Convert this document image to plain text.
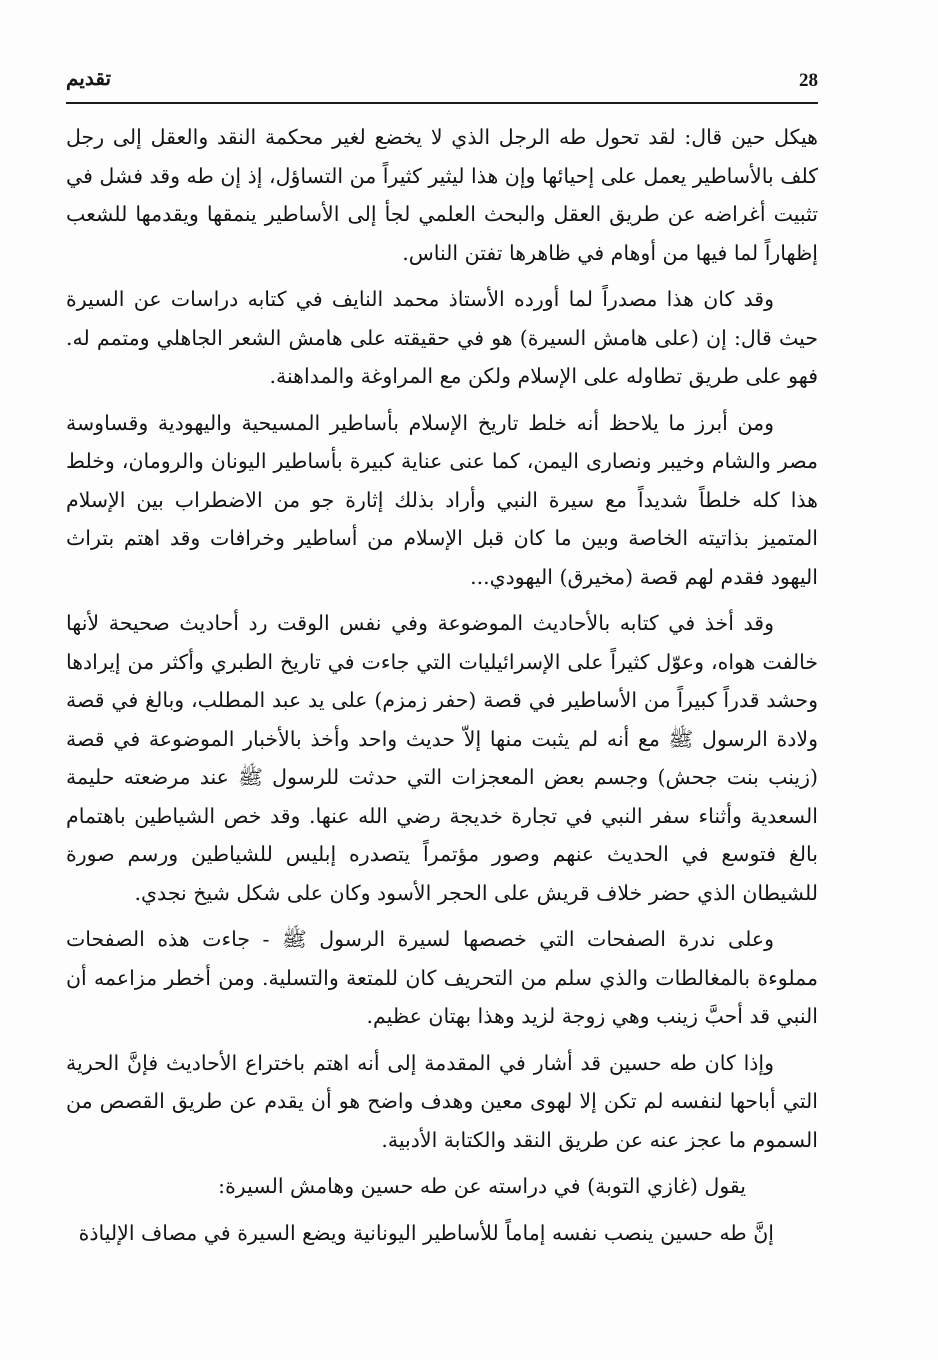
28
تقديم

هيكل حين قال: لقد تحول طه الرجل الذي لا يخضع لغير محكمة النقد والعقل إلى رجل كلف بالأساطير يعمل على إحيائها وإن هذا ليثير كثيراً من التساؤل، إذ إن طه وقد فشل في تثبيت أغراضه عن طريق العقل والبحث العلمي لجأ إلى الأساطير ينمقها ويقدمها للشعب إظهاراً لما فيها من أوهام في ظاهرها تفتن الناس.

وقد كان هذا مصدراً لما أورده الأستاذ محمد النايف في كتابه دراسات عن السيرة حيث قال: إن (على هامش السيرة) هو في حقيقته على هامش الشعر الجاهلي ومتمم له. فهو على طريق تطاوله على الإسلام ولكن مع المراوغة والمداهنة.

ومن أبرز ما يلاحظ أنه خلط تاريخ الإسلام بأساطير المسيحية واليهودية وقساوسة مصر والشام وخيبر ونصارى اليمن، كما عنى عناية كبيرة بأساطير اليونان والرومان، وخلط هذا كله خلطاً شديداً مع سيرة النبي وأراد بذلك إثارة جو من الاضطراب بين الإسلام المتميز بذاتيته الخاصة وبين ما كان قبل الإسلام من أساطير وخرافات وقد اهتم بتراث اليهود فقدم لهم قصة (مخيرق) اليهودي...

وقد أخذ في كتابه بالأحاديث الموضوعة وفي نفس الوقت رد أحاديث صحيحة لأنها خالفت هواه، وعوّل كثيراً على الإسرائيليات التي جاءت في تاريخ الطبري وأكثر من إيرادها وحشد قدراً كبيراً من الأساطير في قصة (حفر زمزم) على يد عبد المطلب، وبالغ في قصة ولادة الرسول ﷺ مع أنه لم يثبت منها إلاّ حديث واحد وأخذ بالأخبار الموضوعة في قصة (زينب بنت جحش) وجسم بعض المعجزات التي حدثت للرسول ﷺ عند مرضعته حليمة السعدية وأثناء سفر النبي في تجارة خديجة رضي الله عنها. وقد خص الشياطين باهتمام بالغ فتوسع في الحديث عنهم وصور مؤتمراً يتصدره إبليس للشياطين ورسم صورة للشيطان الذي حضر خلاف قريش على الحجر الأسود وكان على شكل شيخ نجدي.

وعلى ندرة الصفحات التي خصصها لسيرة الرسول ﷺ - جاءت هذه الصفحات مملوءة بالمغالطات والذي سلم من التحريف كان للمتعة والتسلية. ومن أخطر مزاعمه أن النبي قد أحبَّ زينب وهي زوجة لزيد وهذا بهتان عظيم.

وإذا كان طه حسين قد أشار في المقدمة إلى أنه اهتم باختراع الأحاديث فإنَّ الحرية التي أباحها لنفسه لم تكن إلا لهوى معين وهدف واضح هو أن يقدم عن طريق القصص من السموم ما عجز عنه عن طريق النقد والكتابة الأدبية.

يقول (غازي التوبة) في دراسته عن طه حسين وهامش السيرة:

إنَّ طه حسين ينصب نفسه إماماً للأساطير اليونانية ويضع السيرة في مصاف الإلياذة
